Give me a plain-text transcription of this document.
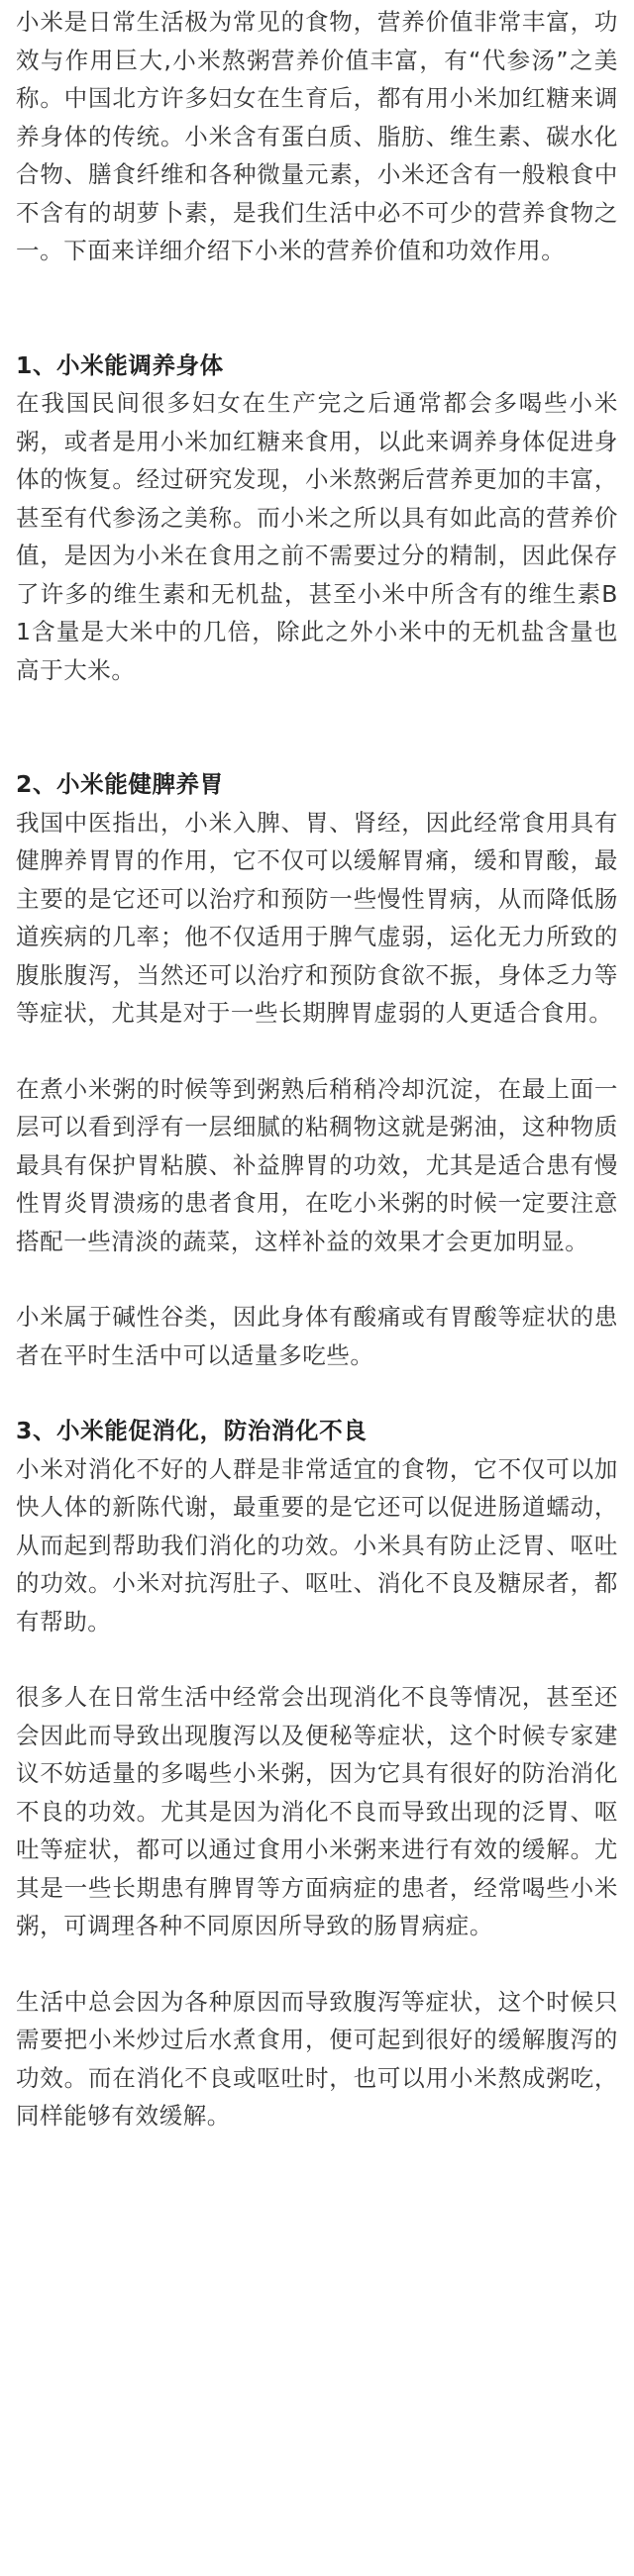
小米是日常生活极为常见的食物，营养价值非常丰富，功效与作用巨大,小米熬粥营养价值丰富，有“代参汤”之美称。中国北方许多妇女在生育后，都有用小米加红糖来调养身体的传统。小米含有蛋白质、脂肪、维生素、碳水化合物、膳食纤维和各种微量元素，小米还含有一般粮食中不含有的胡萝卜素，是我们生活中必不可少的营养食物之一。下面来详细介绍下小米的营养价值和功效作用。

1、小米能调养身体

在我国民间很多妇女在生产完之后通常都会多喝些小米粥，或者是用小米加红糖来食用，以此来调养身体促进身体的恢复。经过研究发现，小米熬粥后营养更加的丰富，甚至有代参汤之美称。而小米之所以具有如此高的营养价值，是因为小米在食用之前不需要过分的精制，因此保存了许多的维生素和无机盐，甚至小米中所含有的维生素B1含量是大米中的几倍，除此之外小米中的无机盐含量也高于大米。

2、小米能健脾养胃

我国中医指出，小米入脾、胃、肾经，因此经常食用具有健脾养胃胃的作用，它不仅可以缓解胃痛，缓和胃酸，最主要的是它还可以治疗和预防一些慢性胃病，从而降低肠道疾病的几率；他不仅适用于脾气虚弱，运化无力所致的腹胀腹泻，当然还可以治疗和预防食欲不振，身体乏力等等症状，尤其是对于一些长期脾胃虚弱的人更适合食用。

在煮小米粥的时候等到粥熟后稍稍冷却沉淀，在最上面一层可以看到浮有一层细腻的粘稠物这就是粥油，这种物质最具有保护胃粘膜、补益脾胃的功效，尤其是适合患有慢性胃炎胃溃疡的患者食用，在吃小米粥的时候一定要注意搭配一些清淡的蔬菜，这样补益的效果才会更加明显。

小米属于碱性谷类，因此身体有酸痛或有胃酸等症状的患者在平时生活中可以适量多吃些。

3、小米能促消化，防治消化不良

小米对消化不好的人群是非常适宜的食物，它不仅可以加快人体的新陈代谢，最重要的是它还可以促进肠道蠕动，从而起到帮助我们消化的功效。小米具有防止泛胃、呕吐的功效。小米对抗泻肚子、呕吐、消化不良及糖尿者，都有帮助。

很多人在日常生活中经常会出现消化不良等情况，甚至还会因此而导致出现腹泻以及便秘等症状，这个时候专家建议不妨适量的多喝些小米粥，因为它具有很好的防治消化不良的功效。尤其是因为消化不良而导致出现的泛胃、呕吐等症状，都可以通过食用小米粥来进行有效的缓解。尤其是一些长期患有脾胃等方面病症的患者，经常喝些小米粥，可调理各种不同原因所导致的肠胃病症。

生活中总会因为各种原因而导致腹泻等症状，这个时候只需要把小米炒过后水煮食用，便可起到很好的缓解腹泻的功效。而在消化不良或呕吐时，也可以用小米熬成粥吃，同样能够有效缓解。
